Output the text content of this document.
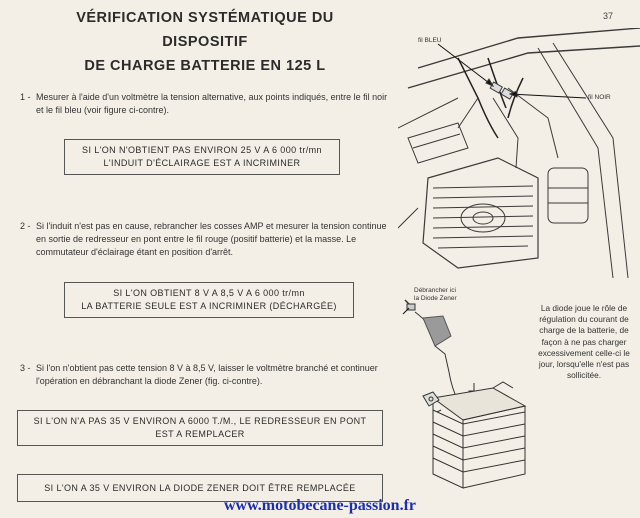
VÉRIFICATION SYSTÉMATIQUE DU DISPOSITIF
DE CHARGE BATTERIE EN 125 L
37
1 - Mesurer à l'aide d'un voltmètre la tension alternative, aux points indiqués, entre le fil noir et le fil bleu (voir figure ci-contre).
SI L'ON N'OBTIENT PAS ENVIRON 25 V A 6 000 tr/mn
L'INDUIT D'ÉCLAIRAGE EST A INCRIMINER
2 - Si l'induit n'est pas en cause, rebrancher les cosses AMP et mesurer la tension continue en sortie de redresseur en pont entre le fil rouge (positif batterie) et la masse. Le commutateur d'éclairage étant en position d'arrêt.
SI L'ON OBTIENT 8 V A 8,5 V A 6 000 tr/mn
LA BATTERIE SEULE EST A INCRIMINER (DÉCHARGÉE)
3 - Si l'on n'obtient pas cette tension 8 V à 8,5 V, laisser le voltmètre branché et continuer l'opération en débranchant la diode Zener (fig. ci-contre).
SI L'ON N'A PAS 35 V ENVIRON A 6000 T./M., LE REDRESSEUR EN PONT
EST A REMPLACER
SI L'ON A 35 V ENVIRON LA DIODE ZENER DOIT ÊTRE REMPLACÉE
fil BLEU
fil NOIR
Débrancher ici
la Diode Zener
La diode joue le rôle de régulation du courant de charge de la batterie, de façon à ne pas charger excessivement celle-ci le jour, lorsqu'elle n'est pas sollicitée.
www.motobecane-passion.fr
